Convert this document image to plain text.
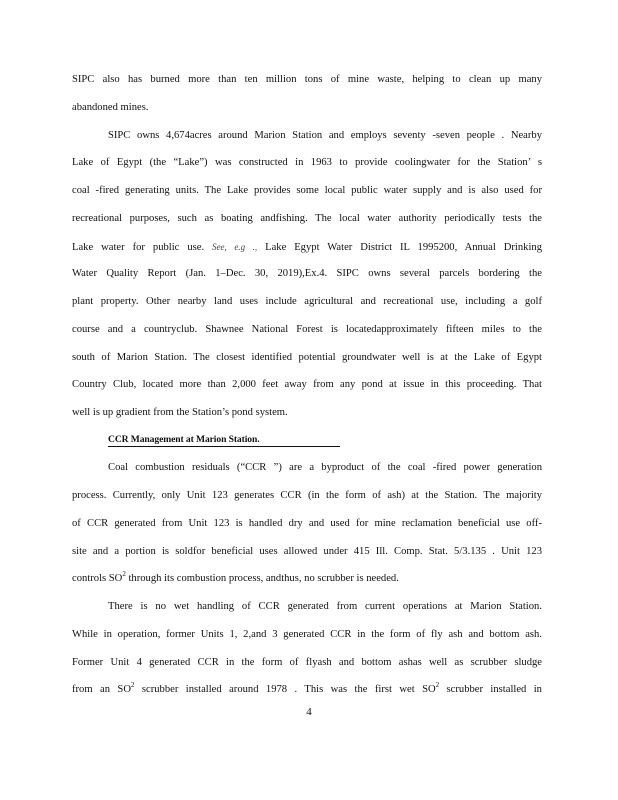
SIPC also has burned more than ten million tons of mine waste, helping to clean up many
abandoned mines.
SIPC owns 4,674acres around Marion Station and employs seventy -seven people . Nearby
Lake of Egypt (the “Lake”) was constructed in 1963 to provide coolingwater for the Station’ s
coal -fired generating units. The Lake provides some local public water supply and is also used for
recreational purposes, such as boating andfishing. The local water authority periodically tests the
Lake water for public use. See, e.g ., Lake Egypt Water District IL 1995200, Annual Drinking
Water Quality Report (Jan. 1–Dec. 30, 2019),Ex.4. SIPC owns several parcels bordering the
plant property. Other nearby land uses include agricultural and recreational use, including a golf
course and a countryclub. Shawnee National Forest is locatedapproximately fifteen miles to the
south of Marion Station. The closest identified potential groundwater well is at the Lake of Egypt
Country Club, located more than 2,000 feet away from any pond at issue in this proceeding. That
well is up gradient from the Station’s pond system.
CCR Management at Marion Station.
Coal combustion residuals (“CCR ”) are a byproduct of the coal -fired power generation
process. Currently, only Unit 123 generates CCR (in the form of ash) at the Station. The majority
of CCR generated from Unit 123 is handled dry and used for mine reclamation beneficial use off-
site and a portion is soldfor beneficial uses allowed under 415 Ill. Comp. Stat. 5/3.135 . Unit 123
controls $SO^2$ through its combustion process, andthus, no scrubber is needed.
There is no wet handling of CCR generated from current operations at Marion Station.
While in operation, former Units 1, 2,and 3 generated CCR in the form of fly ash and bottom ash.
Former Unit 4 generated CCR in the form of flyash and bottom ashas well as scrubber sludge
from an $SO^2$ scrubber installed around 1978 . This was the first wet $SO^2$ scrubber installed in
4
